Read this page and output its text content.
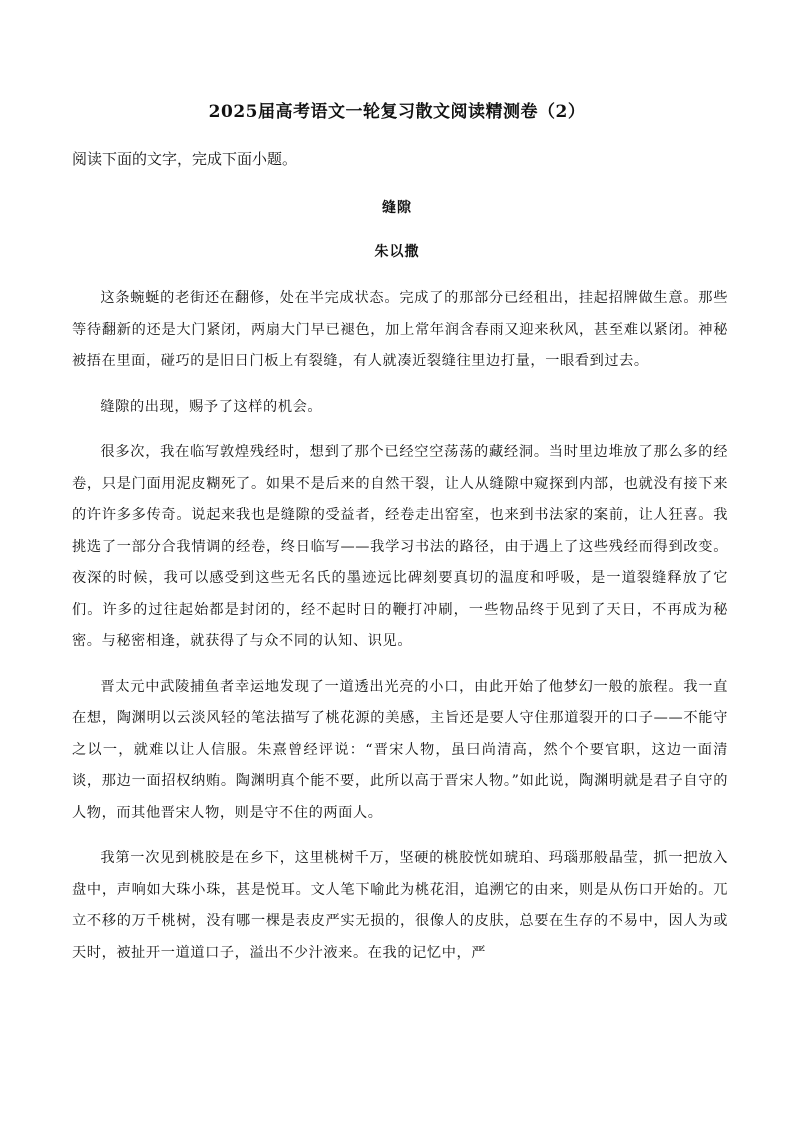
2025届高考语文一轮复习散文阅读精测卷（2）
阅读下面的文字，完成下面小题。
缝隙
朱以撒

这条蜿蜒的老街还在翻修，处在半完成状态。完成了的那部分已经租出，挂起招牌做生意。那些等待翻新的还是大门紧闭，两扇大门早已褪色，加上常年润含春雨又迎来秋风，甚至难以紧闭。神秘被捂在里面，碰巧的是旧日门板上有裂缝，有人就凑近裂缝往里边打量，一眼看到过去。

缝隙的出现，赐予了这样的机会。

很多次，我在临写敦煌残经时，想到了那个已经空空荡荡的藏经洞。当时里边堆放了那么多的经卷，只是门面用泥皮糊死了。如果不是后来的自然干裂，让人从缝隙中窥探到内部，也就没有接下来的许许多多传奇。说起来我也是缝隙的受益者，经卷走出窑室，也来到书法家的案前，让人狂喜。我挑选了一部分合我情调的经卷，终日临写——我学习书法的路径，由于遇上了这些残经而得到改变。夜深的时候，我可以感受到这些无名氏的墨迹远比碑刻要真切的温度和呼吸，是一道裂缝释放了它们。许多的过往起始都是封闭的，经不起时日的鞭打冲刷，一些物品终于见到了天日，不再成为秘密。与秘密相逢，就获得了与众不同的认知、识见。

晋太元中武陵捕鱼者幸运地发现了一道透出光亮的小口，由此开始了他梦幻一般的旅程。我一直在想，陶渊明以云淡风轻的笔法描写了桃花源的美感，主旨还是要人守住那道裂开的口子——不能守之以一，就难以让人信服。朱熹曾经评说：“晋宋人物，虽曰尚清高，然个个要官职，这边一面清谈，那边一面招权纳贿。陶渊明真个能不要，此所以高于晋宋人物。”如此说，陶渊明就是君子自守的人物，而其他晋宋人物，则是守不住的两面人。

我第一次见到桃胶是在乡下，这里桃树千万，坚硬的桃胶恍如琥珀、玛瑙那般晶莹，抓一把放入盘中，声响如大珠小珠，甚是悦耳。文人笔下喻此为桃花泪，追溯它的由来，则是从伤口开始的。兀立不移的万千桃树，没有哪一棵是表皮严实无损的，很像人的皮肤，总要在生存的不易中，因人为或天时，被扯开一道道口子，溢出不少汁液来。在我的记忆中，严
